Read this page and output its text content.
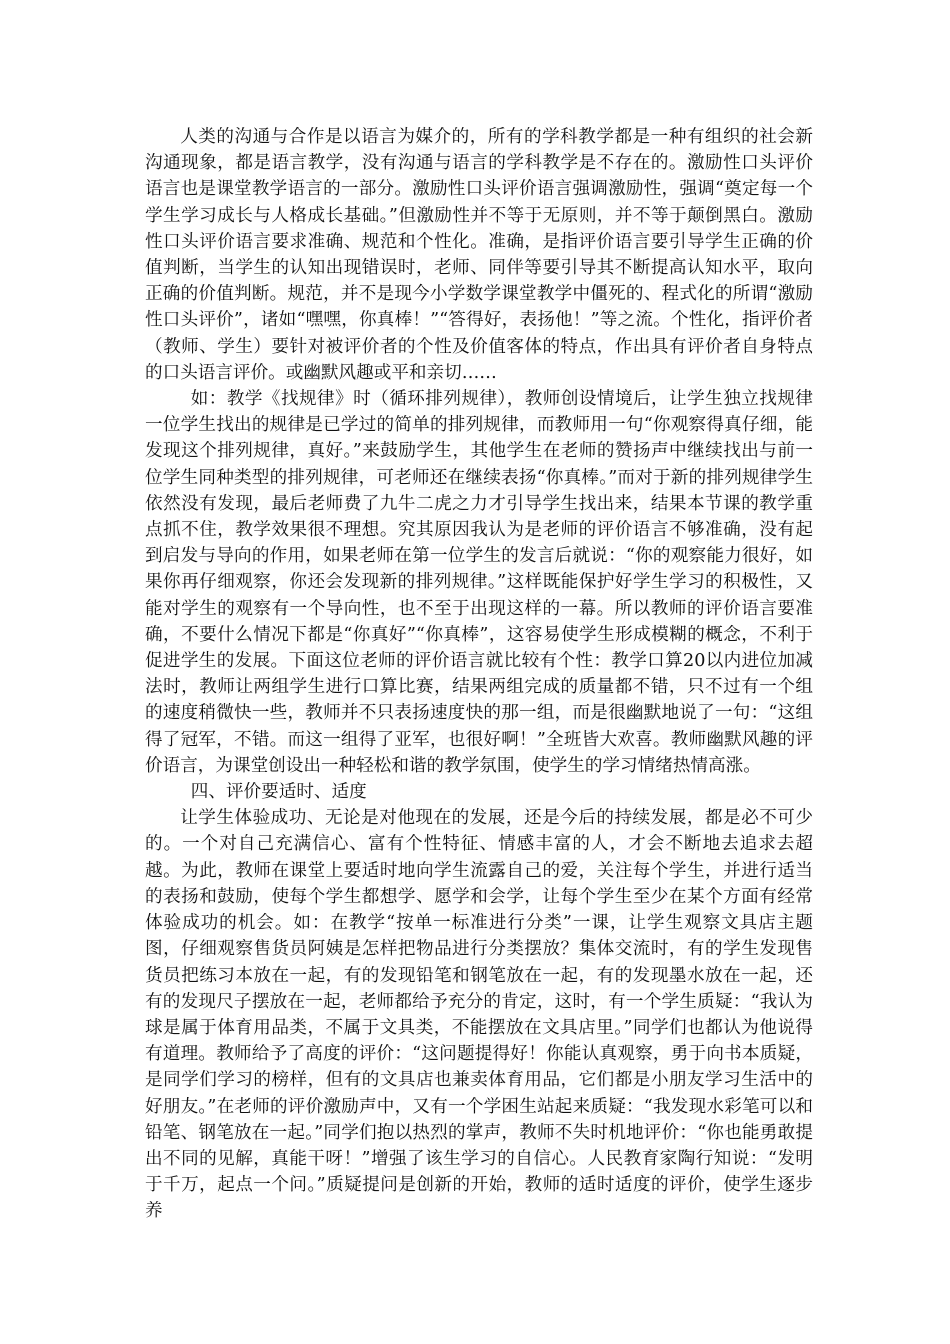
人类的沟通与合作是以语言为媒介的，所有的学科教学都是一种有组织的社会新沟通现象，都是语言教学，没有沟通与语言的学科教学是不存在的。激励性口头评价语言也是课堂教学语言的一部分。激励性口头评价语言强调激励性，强调“奠定每一个学生学习成长与人格成长基础。”但激励性并不等于无原则，并不等于颠倒黑白。激励性口头评价语言要求准确、规范和个性化。准确，是指评价语言要引导学生正确的价值判断，当学生的认知出现错误时，老师、同伴等要引导其不断提高认知水平，取向正确的价值判断。规范，并不是现今小学数学课堂教学中僵死的、程式化的所谓“激励性口头评价”，诸如“嘿嘿，你真棒！”“答得好，表扬他！”等之流。个性化，指评价者（教师、学生）要针对被评价者的个性及价值客体的特点，作出具有评价者自身特点的口头语言评价。或幽默风趣或平和亲切……

如：教学《找规律》时（循环排列规律），教师创设情境后，让学生独立找规律一位学生找出的规律是已学过的简单的排列规律，而教师用一句“你观察得真仔细，能发现这个排列规律，真好。”来鼓励学生，其他学生在老师的赞扬声中继续找出与前一位学生同种类型的排列规律，可老师还在继续表扬“你真棒。”而对于新的排列规律学生依然没有发现，最后老师费了九牛二虎之力才引导学生找出来，结果本节课的教学重点抓不住，教学效果很不理想。究其原因我认为是老师的评价语言不够准确，没有起到启发与导向的作用，如果老师在第一位学生的发言后就说：“你的观察能力很好，如果你再仔细观察，你还会发现新的排列规律。”这样既能保护好学生学习的积极性，又能对学生的观察有一个导向性，也不至于出现这样的一幕。所以教师的评价语言要准确，不要什么情况下都是“你真好”“你真棒”，这容易使学生形成模糊的概念，不利于促进学生的发展。下面这位老师的评价语言就比较有个性：教学口算20以内进位加减法时，教师让两组学生进行口算比赛，结果两组完成的质量都不错，只不过有一个组的速度稍微快一些，教师并不只表扬速度快的那一组，而是很幽默地说了一句：“这组得了冠军，不错。而这一组得了亚军，也很好啊！”全班皆大欢喜。教师幽默风趣的评价语言，为课堂创设出一种轻松和谐的教学氛围，使学生的学习情绪热情高涨。

四、评价要适时、适度

让学生体验成功、无论是对他现在的发展，还是今后的持续发展，都是必不可少的。一个对自己充满信心、富有个性特征、情感丰富的人，才会不断地去追求去超越。为此，教师在课堂上要适时地向学生流露自己的爱，关注每个学生，并进行适当的表扬和鼓励，使每个学生都想学、愿学和会学，让每个学生至少在某个方面有经常体验成功的机会。如：在教学“按单一标准进行分类”一课，让学生观察文具店主题图，仔细观察售货员阿姨是怎样把物品进行分类摆放？集体交流时，有的学生发现售货员把练习本放在一起，有的发现铅笔和钢笔放在一起，有的发现墨水放在一起，还有的发现尺子摆放在一起，老师都给予充分的肯定，这时，有一个学生质疑：“我认为球是属于体育用品类，不属于文具类，不能摆放在文具店里。”同学们也都认为他说得有道理。教师给予了高度的评价：“这问题提得好！你能认真观察，勇于向书本质疑，是同学们学习的榜样，但有的文具店也兼卖体育用品，它们都是小朋友学习生活中的好朋友。”在老师的评价激励声中，又有一个学困生站起来质疑：“我发现水彩笔可以和铅笔、钢笔放在一起。”同学们抱以热烈的掌声，教师不失时机地评价：“你也能勇敢提出不同的见解，真能干呀！”增强了该生学习的自信心。人民教育家陶行知说：“发明于千万，起点一个问。”质疑提问是创新的开始，教师的适时适度的评价，使学生逐步养
